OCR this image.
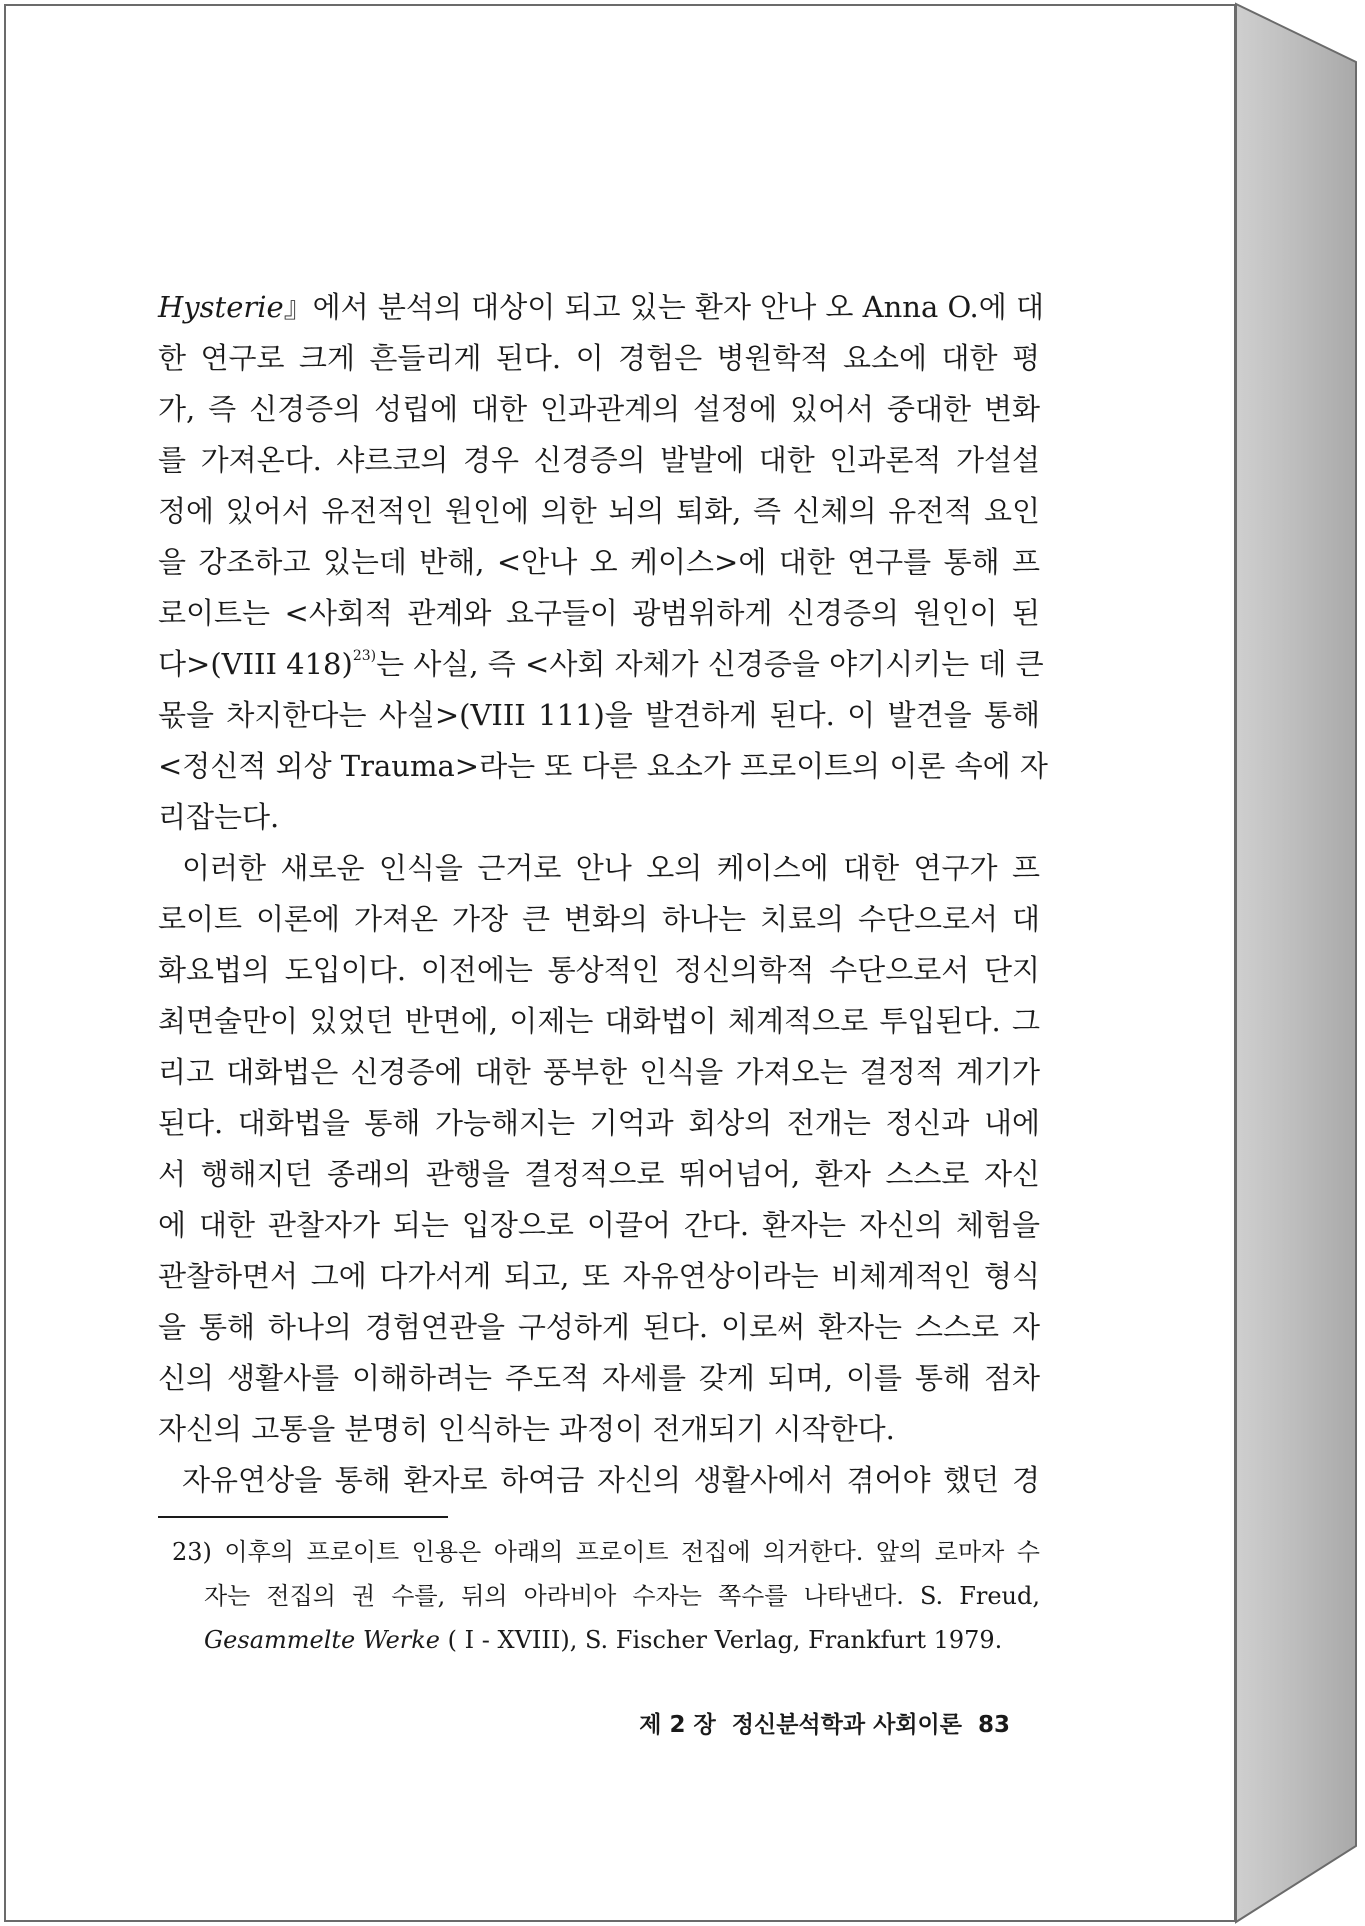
Hysterie』에서 분석의 대상이 되고 있는 환자 안나 오 Anna O.에 대
한 연구로 크게 흔들리게 된다. 이 경험은 병원학적 요소에 대한 평
가, 즉 신경증의 성립에 대한 인과관계의 설정에 있어서 중대한 변화
를 가져온다. 샤르코의 경우 신경증의 발발에 대한 인과론적 가설설
정에 있어서 유전적인 원인에 의한 뇌의 퇴화, 즉 신체의 유전적 요인
을 강조하고 있는데 반해, <안나 오 케이스>에 대한 연구를 통해 프
로이트는 <사회적 관계와 요구들이 광범위하게 신경증의 원인이 된
다>(VIII 418)$^{23)}$는 사실, 즉 <사회 자체가 신경증을 야기시키는 데 큰
몫을 차지한다는 사실>(VIII 111)을 발견하게 된다. 이 발견을 통해
<정신적 외상 Trauma>라는 또 다른 요소가 프로이트의 이론 속에 자
리잡는다.
이러한 새로운 인식을 근거로 안나 오의 케이스에 대한 연구가 프
로이트 이론에 가져온 가장 큰 변화의 하나는 치료의 수단으로서 대
화요법의 도입이다. 이전에는 통상적인 정신의학적 수단으로서 단지
최면술만이 있었던 반면에, 이제는 대화법이 체계적으로 투입된다. 그
리고 대화법은 신경증에 대한 풍부한 인식을 가져오는 결정적 계기가
된다. 대화법을 통해 가능해지는 기억과 회상의 전개는 정신과 내에
서 행해지던 종래의 관행을 결정적으로 뛰어넘어, 환자 스스로 자신
에 대한 관찰자가 되는 입장으로 이끌어 간다. 환자는 자신의 체험을
관찰하면서 그에 다가서게 되고, 또 자유연상이라는 비체계적인 형식
을 통해 하나의 경험연관을 구성하게 된다. 이로써 환자는 스스로 자
신의 생활사를 이해하려는 주도적 자세를 갖게 되며, 이를 통해 점차
자신의 고통을 분명히 인식하는 과정이 전개되기 시작한다.
자유연상을 통해 환자로 하여금 자신의 생활사에서 겪어야 했던 경
23) 이후의 프로이트 인용은 아래의 프로이트 전집에 의거한다. 앞의 로마자 수
자는 전집의 권 수를, 뒤의 아라비아 수자는 쪽수를 나타낸다. S. Freud,
Gesammelte Werke ( I - XVIII), S. Fischer Verlag, Frankfurt 1979.
제 2 장 정신분석학과 사회이론 83
